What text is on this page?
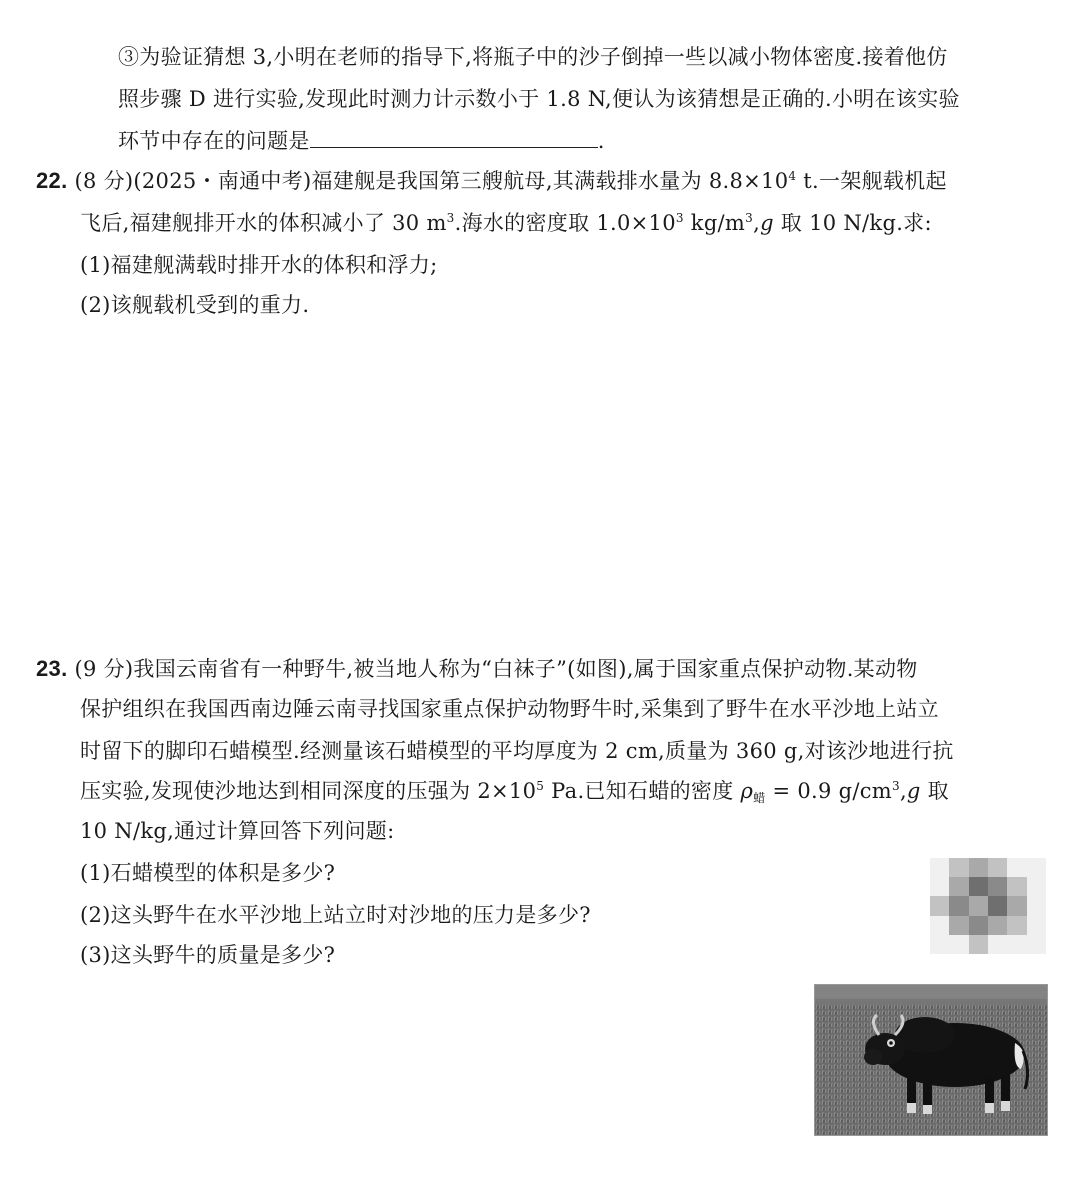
③为验证猜想 3,小明在老师的指导下,将瓶子中的沙子倒掉一些以减小物体密度.接着他仿
照步骤 D 进行实验,发现此时测力计示数小于 1.8 N,便认为该猜想是正确的.小明在该实验
环节中存在的问题是	.
22. (8 分)(2025・南通中考)福建舰是我国第三艘航母,其满载排水量为 $8.8\times 10^4$ t.一架舰载机起
飞后,福建舰排开水的体积减小了 30 $m^3$.海水的密度取 $1.0\times 10^3$ $kg/m^3,g$ 取 10 N/kg.求:
(1)福建舰满载时排开水的体积和浮力;
(2)该舰载机受到的重力.
23. (9 分)我国云南省有一种野牛,被当地人称为“白袜子”(如图),属于国家重点保护动物.某动物
保护组织在我国西南边陲云南寻找国家重点保护动物野牛时,采集到了野牛在水平沙地上站立
时留下的脚印石蜡模型.经测量该石蜡模型的平均厚度为 2 cm,质量为 360 g,对该沙地进行抗
压实验,发现使沙地达到相同深度的压强为 $2\times 10^5$ Pa.已知石蜡的密度 $\rho_蜡 = 0.9$ $g/cm^3,g$ 取
10 N/kg,通过计算回答下列问题:
(1)石蜡模型的体积是多少?
(2)这头野牛在水平沙地上站立时对沙地的压力是多少?
(3)这头野牛的质量是多少?
